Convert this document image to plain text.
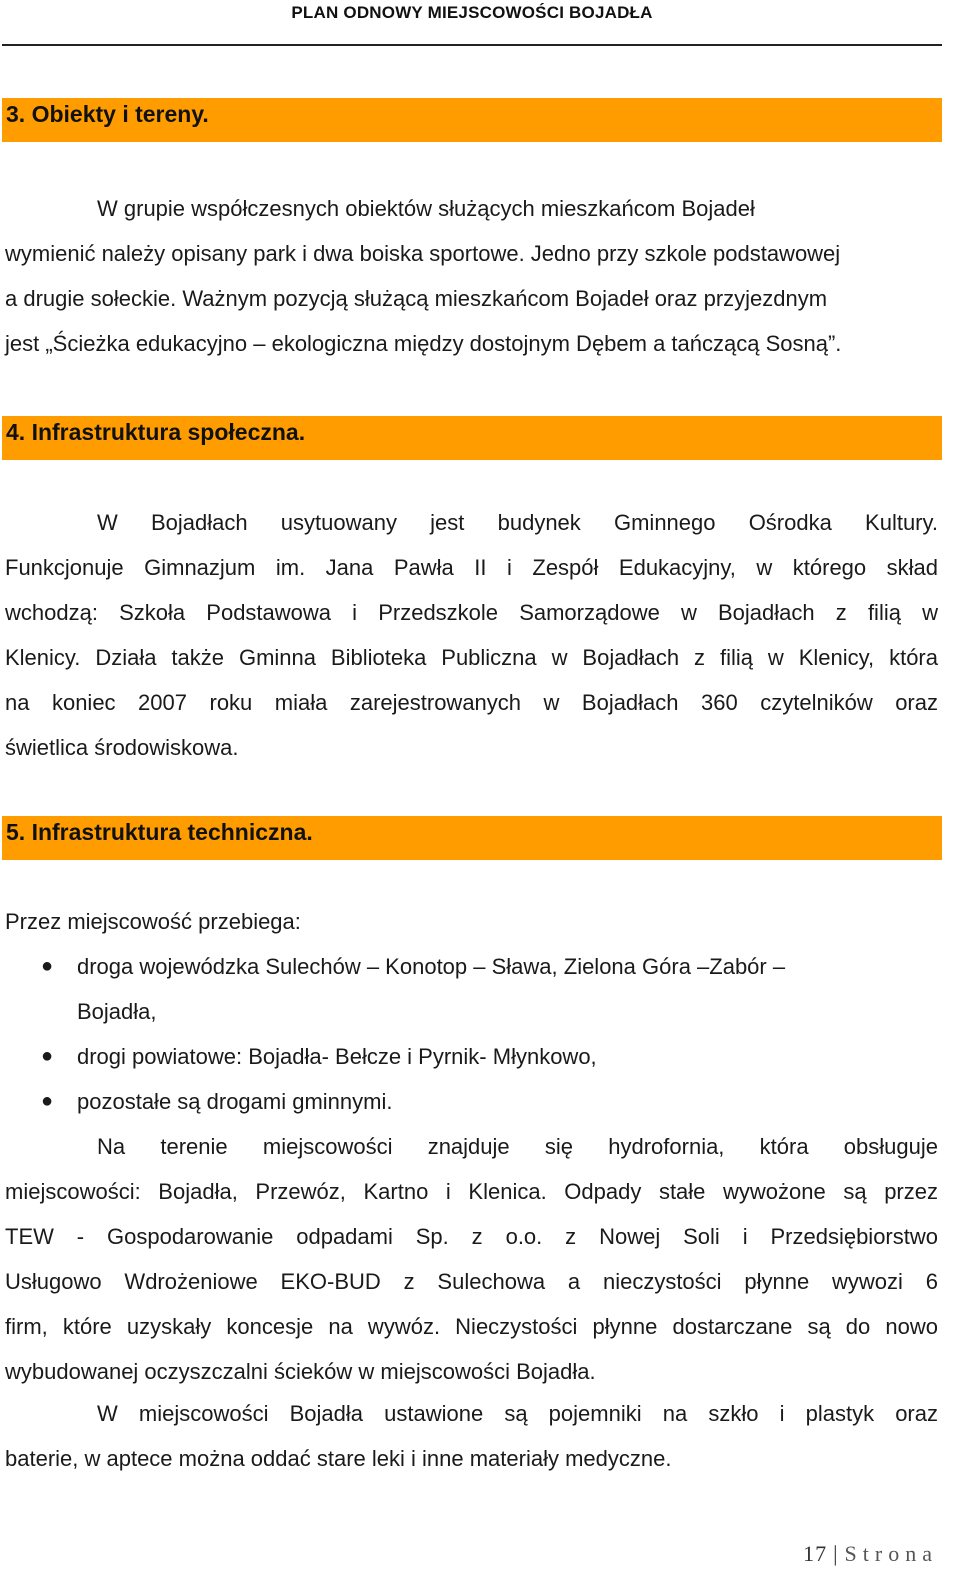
PLAN ODNOWY MIEJSCOWOŚCI BOJADŁA
3. Obiekty i tereny.
W grupie współczesnych obiektów służących mieszkańcom Bojadeł
wymienić należy opisany park i dwa boiska sportowe. Jedno przy szkole podstawowej
a drugie sołeckie. Ważnym pozycją służącą mieszkańcom Bojadeł oraz przyjezdnym
jest „Ścieżka edukacyjno – ekologiczna między dostojnym Dębem a tańczącą Sosną”.
4. Infrastruktura społeczna.
W Bojadłach usytuowany jest budynek Gminnego Ośrodka Kultury.
Funkcjonuje Gimnazjum im. Jana Pawła II i Zespół Edukacyjny, w którego skład
wchodzą: Szkoła Podstawowa i Przedszkole Samorządowe w Bojadłach z filią w
Klenicy. Działa także Gminna Biblioteka Publiczna w Bojadłach z filią w Klenicy, która
na koniec 2007 roku miała zarejestrowanych w Bojadłach 360 czytelników oraz
świetlica środowiskowa.
5. Infrastruktura techniczna.
Przez miejscowość przebiega:
● droga wojewódzka Sulechów – Konotop – Sława, Zielona Góra –Zabór –
Bojadła,
● drogi powiatowe: Bojadła- Bełcze i Pyrnik- Młynkowo,
● pozostałe są drogami gminnymi.
Na terenie miejscowości znajduje się hydrofornia, która obsługuje
miejscowości: Bojadła, Przewóz, Kartno i Klenica. Odpady stałe wywożone są przez
TEW - Gospodarowanie odpadami Sp. z o.o. z Nowej Soli i Przedsiębiorstwo
Usługowo Wdrożeniowe EKO-BUD z Sulechowa a nieczystości płynne wywozi 6
firm, które uzyskały koncesje na wywóz. Nieczystości płynne dostarczane są do nowo
wybudowanej oczyszczalni ścieków w miejscowości Bojadła.
W miejscowości Bojadła ustawione są pojemniki na szkło i plastyk oraz
baterie, w aptece można oddać stare leki i inne materiały medyczne.
17 | Strona
